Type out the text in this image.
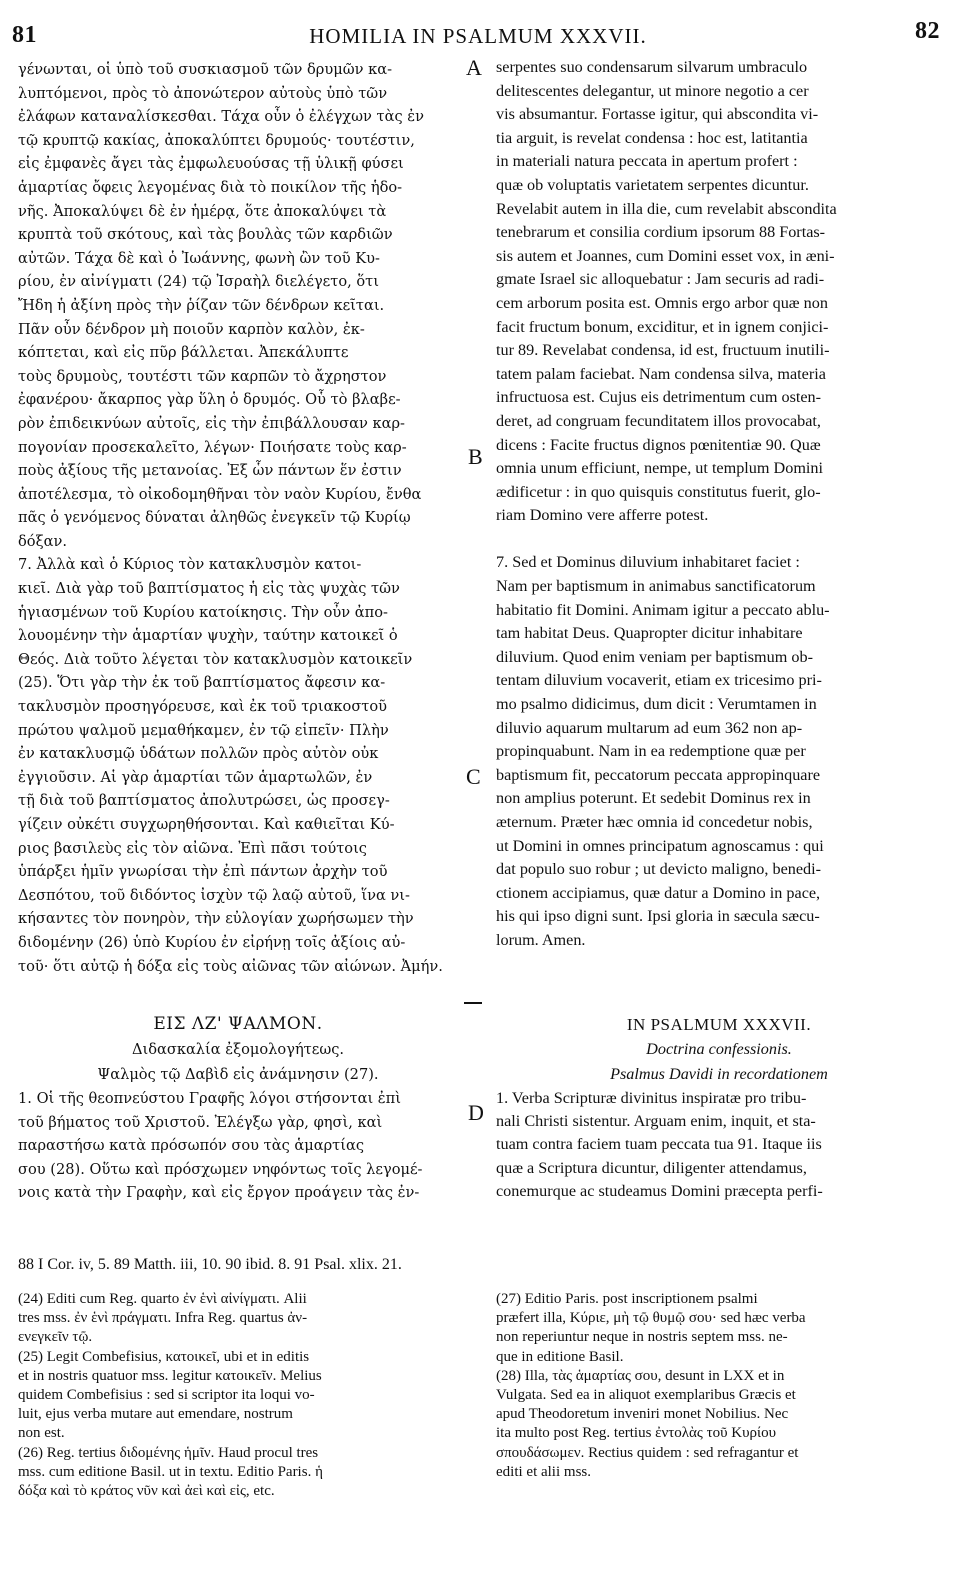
81	HOMILIA IN PSALMUM XXXVII.	82
A
B
C
D
γένωνται, οἱ ὑπὸ τοῦ συσκιασμοῦ τῶν δρυμῶν κα-
λυπτόμενοι, πρὸς τὸ ἀπονώτερον αὐτοὺς ὑπὸ τῶν
ἐλάφων καταναλίσκεσθαι. Τάχα οὖν ὁ ἐλέγχων τὰς ἐν
τῷ κρυπτῷ κακίας, ἀποκαλύπτει δρυμούς· τουτέστιν,
εἰς ἐμφανὲς ἄγει τὰς ἐμφωλευούσας τῇ ὑλικῇ φύσει
ἁμαρτίας ὄφεις λεγομένας διὰ τὸ ποικίλον τῆς ἡδο-
νῆς. Ἀποκαλύψει δὲ ἐν ἡμέρᾳ, ὅτε ἀποκαλύψει τὰ
κρυπτὰ τοῦ σκότους, καὶ τὰς βουλὰς τῶν καρδιῶν
αὐτῶν. Τάχα δὲ καὶ ὁ Ἰωάννης, φωνὴ ὢν τοῦ Κυ-
ρίου, ἐν αἰνίγματι (24) τῷ Ἰσραὴλ διελέγετο, ὅτι
Ἤδη ἡ ἀξίνη πρὸς τὴν ῥίζαν τῶν δένδρων κεῖται.
Πᾶν οὖν δένδρον μὴ ποιοῦν καρπὸν καλὸν, ἐκ-
κόπτεται, καὶ εἰς πῦρ βάλλεται. Ἀπεκάλυπτε
τοὺς δρυμοὺς, τουτέστι τῶν καρπῶν τὸ ἄχρηστον
ἐφανέρου· ἄκαρπος γὰρ ὕλη ὁ δρυμός. Οὗ τὸ βλαβε-
ρὸν ἐπιδεικνύων αὐτοῖς, εἰς τὴν ἐπιβάλλουσαν καρ-
πογονίαν προσεκαλεῖτο, λέγων· Ποιήσατε τοὺς καρ-
ποὺς ἀξίους τῆς μετανοίας. Ἐξ ὧν πάντων ἕν ἐστιν
ἀποτέλεσμα, τὸ οἰκοδομηθῆναι τὸν ναὸν Κυρίου, ἔνθα
πᾶς ὁ γενόμενος δύναται ἀληθῶς ἐνεγκεῖν τῷ Κυρίῳ
δόξαν.
7. Ἀλλὰ καὶ ὁ Κύριος τὸν κατακλυσμὸν κατοι-
κιεῖ. Διὰ γὰρ τοῦ βαπτίσματος ἡ εἰς τὰς ψυχὰς τῶν
ἡγιασμένων τοῦ Κυρίου κατοίκησις. Τὴν οὖν ἀπο-
λουομένην τὴν ἁμαρτίαν ψυχὴν, ταύτην κατοικεῖ ὁ
Θεός. Διὰ τοῦτο λέγεται τὸν κατακλυσμὸν κατοικεῖν
(25). Ὅτι γὰρ τὴν ἐκ τοῦ βαπτίσματος ἄφεσιν κα-
τακλυσμὸν προσηγόρευσε, καὶ ἐκ τοῦ τριακοστοῦ
πρώτου ψαλμοῦ μεμαθήκαμεν, ἐν τῷ εἰπεῖν· Πλὴν
ἐν κατακλυσμῷ ὑδάτων πολλῶν πρὸς αὐτὸν οὐκ
ἐγγιοῦσιν. Αἱ γὰρ ἁμαρτίαι τῶν ἁμαρτωλῶν, ἐν
τῇ διὰ τοῦ βαπτίσματος ἀπολυτρώσει, ὡς προσεγ-
γίζειν οὐκέτι συγχωρηθήσονται. Καὶ καθιεῖται Κύ-
ριος βασιλεὺς εἰς τὸν αἰῶνα. Ἐπὶ πᾶσι τούτοις
ὑπάρξει ἡμῖν γνωρίσαι τὴν ἐπὶ πάντων ἀρχὴν τοῦ
Δεσπότου, τοῦ διδόντος ἰσχὺν τῷ λαῷ αὐτοῦ, ἵνα νι-
κήσαντες τὸν πονηρὸν, τὴν εὐλογίαν χωρήσωμεν τὴν
διδομένην (26) ὑπὸ Κυρίου ἐν εἰρήνῃ τοῖς ἀξίοις αὐ-
τοῦ· ὅτι αὐτῷ ἡ δόξα εἰς τοὺς αἰῶνας τῶν αἰώνων. Ἀμήν.
serpentes suo condensarum silvarum umbraculo
delitescentes delegantur, ut minore negotio a cer
vis absumantur. Fortasse igitur, qui abscondita vi-
tia arguit, is revelat condensa : hoc est, latitantia
in materiali natura peccata in apertum profert :
quæ ob voluptatis varietatem serpentes dicuntur.
Revelabit autem in illa die, cum revelabit abscondita
tenebrarum et consilia cordium ipsorum 88 Fortas-
sis autem et Joannes, cum Domini esset vox, in æni-
gmate Israel sic alloquebatur : Jam securis ad radi-
cem arborum posita est. Omnis ergo arbor quæ non
facit fructum bonum, exciditur, et in ignem conjici-
tur 89. Revelabat condensa, id est, fructuum inutili-
tatem palam faciebat. Nam condensa silva, materia
infructuosa est. Cujus eis detrimentum cum osten-
deret, ad congruam fecunditatem illos provocabat,
dicens : Facite fructus dignos pœnitentiæ 90. Quæ
omnia unum efficiunt, nempe, ut templum Domini
ædificetur : in quo quisquis constitutus fuerit, glo-
riam Domino vere afferre potest.
7. Sed et Dominus diluvium inhabitaret faciet :
Nam per baptismum in animabus sanctificatorum
habitatio fit Domini. Animam igitur a peccato ablu-
tam habitat Deus. Quapropter dicitur inhabitare
diluvium. Quod enim veniam per baptismum ob-
tentam diluvium vocaverit, etiam ex tricesimo pri-
mo psalmo didicimus, dum dicit : Verumtamen in
diluvio aquarum multarum ad eum 362 non ap-
propinquabunt. Nam in ea redemptione quæ per
baptismum fit, peccatorum peccata appropinquare
non amplius poterunt. Et sedebit Dominus rex in
æternum. Præter hæc omnia id concedetur nobis,
ut Domini in omnes principatum agnoscamus : qui
dat populo suo robur ; ut devicto maligno, benedi-
ctionem accipiamus, quæ datur a Domino in pace,
his qui ipso digni sunt. Ipsi gloria in sæcula sæcu-
lorum. Amen.
ΕΙΣ ΛΖ' ΨΑΛΜΟΝ.
Διδασκαλία ἐξομολογήτεως.
Ψαλμὸς τῷ Δαβὶδ εἰς ἀνάμνησιν (27).
1. Οἱ τῆς θεοπνεύστου Γραφῆς λόγοι στήσονται ἐπὶ
τοῦ βήματος τοῦ Χριστοῦ. Ἐλέγξω γὰρ, φησὶ, καὶ
παραστήσω κατὰ πρόσωπόν σου τὰς ἁμαρτίας
σου (28). Οὕτω καὶ πρόσχωμεν νηφόντως τοῖς λεγομέ-
νοις κατὰ τὴν Γραφὴν, καὶ εἰς ἔργον προάγειν τὰς ἐν-
IN PSALMUM XXXVII.
Doctrina confessionis.
Psalmus Davidi in recordationem
1. Verba Scripturæ divinitus inspiratæ pro tribu-
nali Christi sistentur. Arguam enim, inquit, et sta-
tuam contra faciem tuam peccata tua 91. Itaque iis
quæ a Scriptura dicuntur, diligenter attendamus,
conemurque ac studeamus Domini præcepta perfi-
88 I Cor. iv, 5. 89 Matth. iii, 10. 90 ibid. 8. 91 Psal. xlix. 21.
(24) Editi cum Reg. quarto ἐν ἑνὶ αἰνίγματι. Alii
tres mss. ἐν ἑνὶ πράγματι. Infra Reg. quartus ἀν-
ενεγκεῖν τῷ.
(25) Legit Combefisius, κατοικεῖ, ubi et in editis
et in nostris quatuor mss. legitur κατοικεῖν. Melius
quidem Combefisius : sed si scriptor ita loqui vo-
luit, ejus verba mutare aut emendare, nostrum
non est.
(26) Reg. tertius διδομένης ἡμῖν. Haud procul tres
mss. cum editione Basil. ut in textu. Editio Paris. ἡ
δόξα καὶ τὸ κράτος νῦν καὶ ἀεὶ καὶ εἰς, etc.
(27) Editio Paris. post inscriptionem psalmi
præfert illa, Κύριε, μὴ τῷ θυμῷ σου· sed hæc verba
non reperiuntur neque in nostris septem mss. ne-
que in editione Basil.
(28) Illa, τὰς ἁμαρτίας σου, desunt in LXX et in
Vulgata. Sed ea in aliquot exemplaribus Græcis et
apud Theodoretum inveniri monet Nobilius. Nec
ita multo post Reg. tertius ἐντολὰς τοῦ Κυρίου
σπουδάσωμεν. Rectius quidem : sed refragantur et
editi et alii mss.
